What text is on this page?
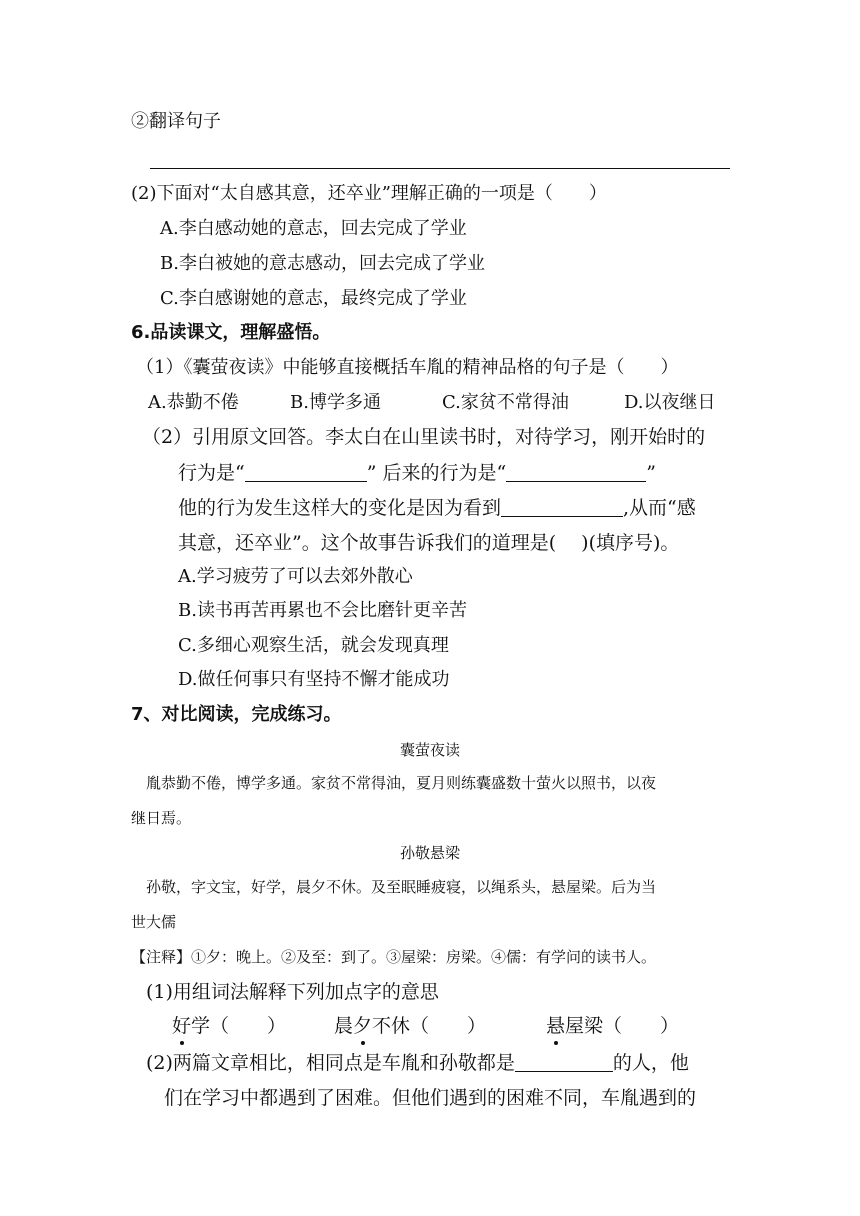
②翻译句子
(2)下面对“太自感其意，还卒业”理解正确的一项是（　　）
A.李白感动她的意志，回去完成了学业
B.李白被她的意志感动，回去完成了学业
C.李白感谢她的意志，最终完成了学业
6.品读课文，理解盛悟。
（1）《囊萤夜读》中能够直接概括车胤的精神品格的句子是（　　）
A.恭勤不倦	B.博学多通	C.家贫不常得油	D.以夜继日
（2）引用原文回答。李太白在山里读书时，对待学习，刚开始时的
行为是“	” 后来的行为是“	”
他的行为发生这样大的变化是因为看到	,从而“感
其意，还卒业”。这个故事告诉我们的道理是(　 )(填序号)。
A.学习疲劳了可以去郊外散心
B.读书再苦再累也不会比磨针更辛苦
C.多细心观察生活，就会发现真理
D.做任何事只有坚持不懈才能成功
7、对比阅读，完成练习。
囊萤夜读
胤恭勤不倦，博学多通。家贫不常得油，夏月则练囊盛数十萤火以照书，以夜
继日焉。
孙敬悬梁
孙敬，字文宝，好学，晨夕不休。及至眠睡疲寝，以绳系头，悬屋梁。后为当
世大儒
【注释】①夕：晚上。②及至：到了。③屋梁：房梁。④儒：有学问的读书人。
(1)用组词法解释下列加点字的意思
好学（　　）	晨夕不休（　　）	悬屋梁（　　）
(2)两篇文章相比，相同点是车胤和孙敬都是	的人，他
们在学习中都遇到了困难。但他们遇到的困难不同，车胤遇到的
